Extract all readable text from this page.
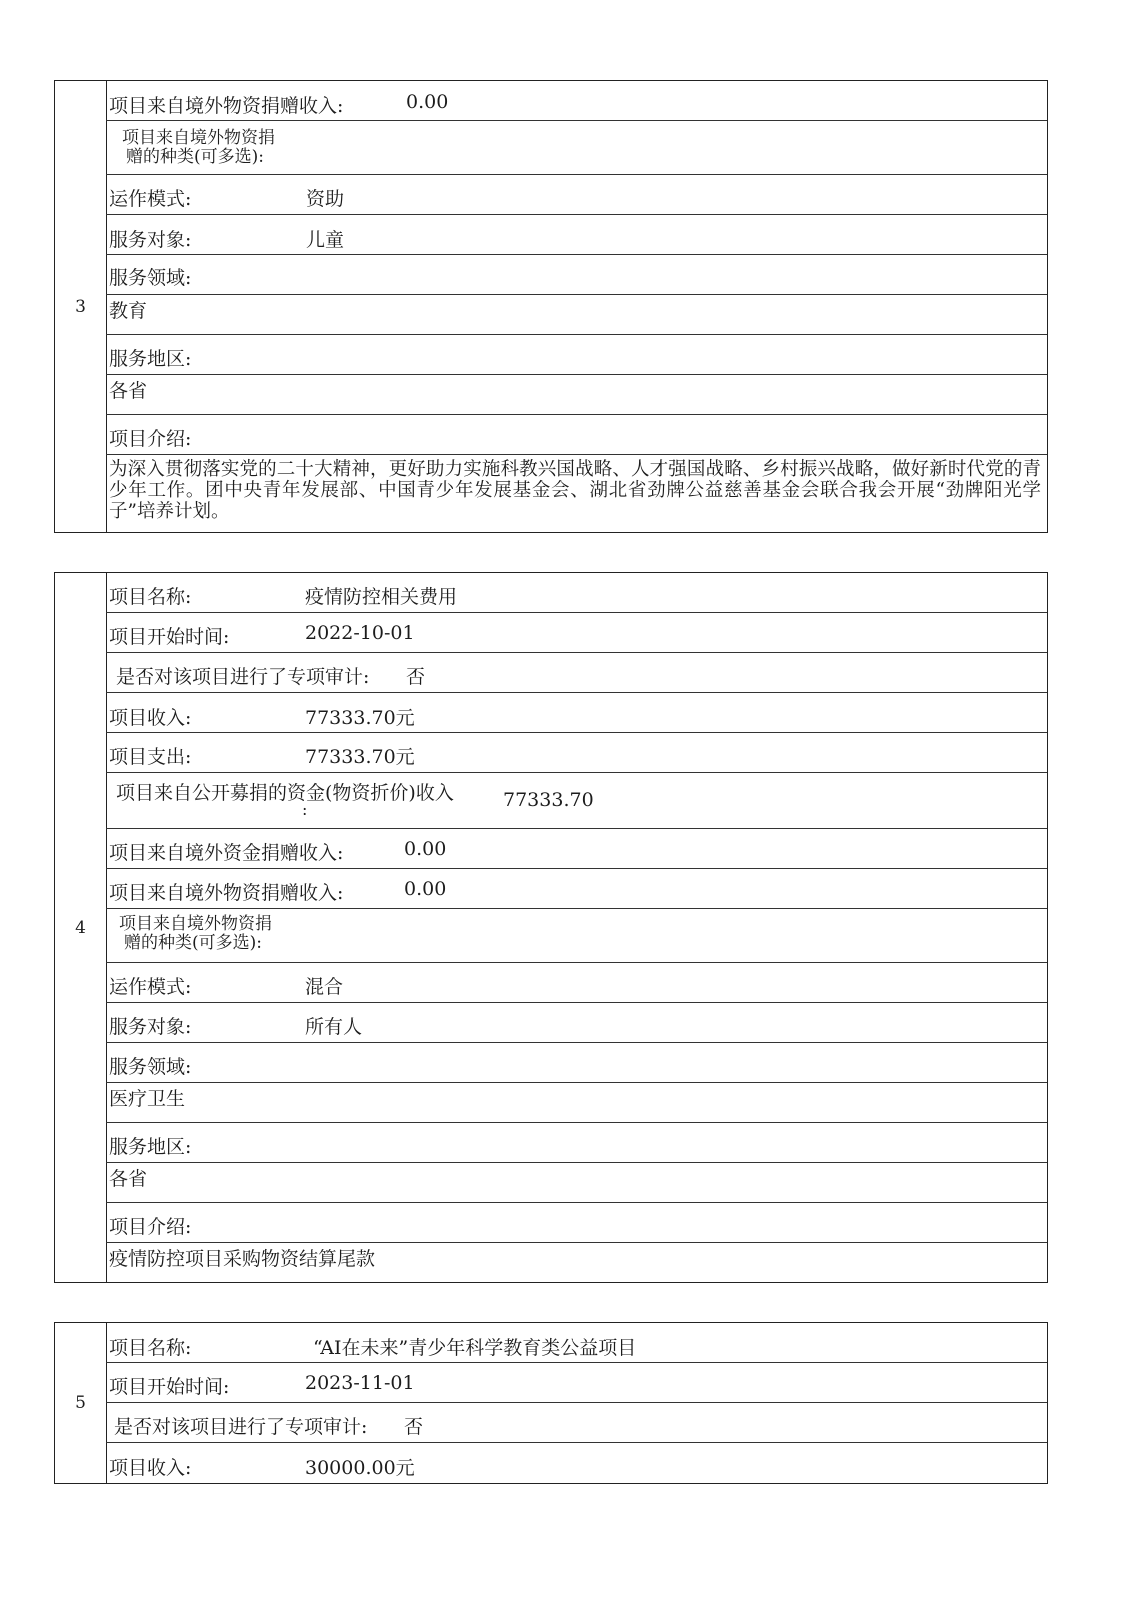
3
项目来自境外物资捐赠收入:	0.00
项目来自境外物资捐
赠的种类(可多选):
运作模式:	资助
服务对象:	儿童
服务领域:
教育
服务地区:
各省
项目介绍:
为深入贯彻落实党的二十大精神，更好助力实施科教兴国战略、人才强国战略、乡村振兴战略，做好新时代党的青少年工作。团中央青年发展部、中国青少年发展基金会、湖北省劲牌公益慈善基金会联合我会开展“劲牌阳光学子”培养计划。
4
项目名称:	疫情防控相关费用
项目开始时间:	2022-10-01
是否对该项目进行了专项审计: 否
项目收入:	77333.70元
项目支出:	77333.70元
项目来自公开募捐的资金(物资折价)收入
:	77333.70
项目来自境外资金捐赠收入:	0.00
项目来自境外物资捐赠收入:	0.00
项目来自境外物资捐
赠的种类(可多选):
运作模式:	混合
服务对象:	所有人
服务领域:
医疗卫生
服务地区:
各省
项目介绍:
疫情防控项目采购物资结算尾款
5
项目名称:	“AI在未来”青少年科学教育类公益项目
项目开始时间:	2023-11-01
是否对该项目进行了专项审计: 否
项目收入:	30000.00元
